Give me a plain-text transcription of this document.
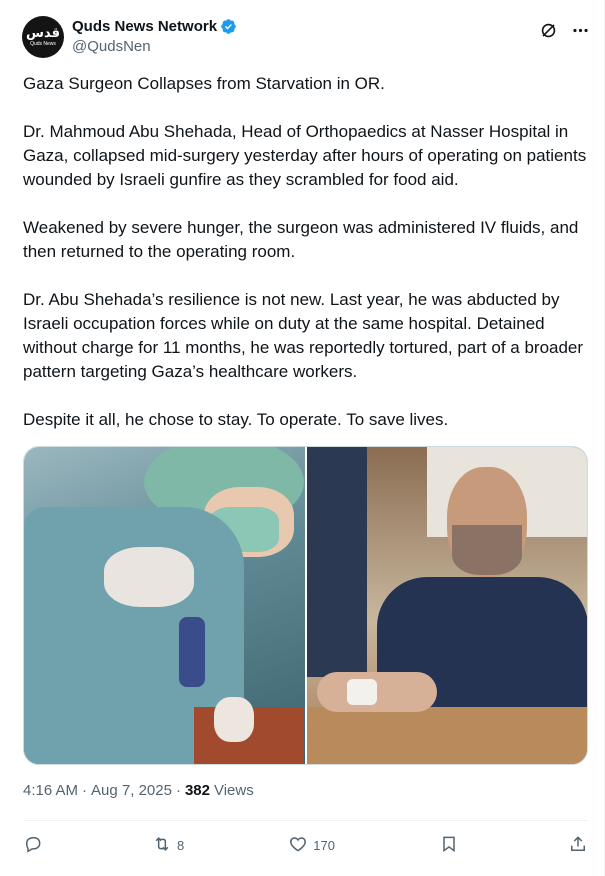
قدس
Quds News
Quds News Network
@QudsNen

Gaza Surgeon Collapses from Starvation in OR.

Dr. Mahmoud Abu Shehada, Head of Orthopaedics at Nasser Hospital in Gaza, collapsed mid-surgery yesterday after hours of operating on patients wounded by Israeli gunfire as they scrambled for food aid.

Weakened by severe hunger, the surgeon was administered IV fluids, and then returned to the operating room.

Dr. Abu Shehada’s resilience is not new. Last year, he was abducted by Israeli occupation forces while on duty at the same hospital. Detained without charge for 11 months, he was reportedly tortured, part of a broader pattern targeting Gaza’s healthcare workers.

Despite it all, he chose to stay. To operate. To save lives.

4:16 AM · Aug 7, 2025 · 382 Views
8	170
